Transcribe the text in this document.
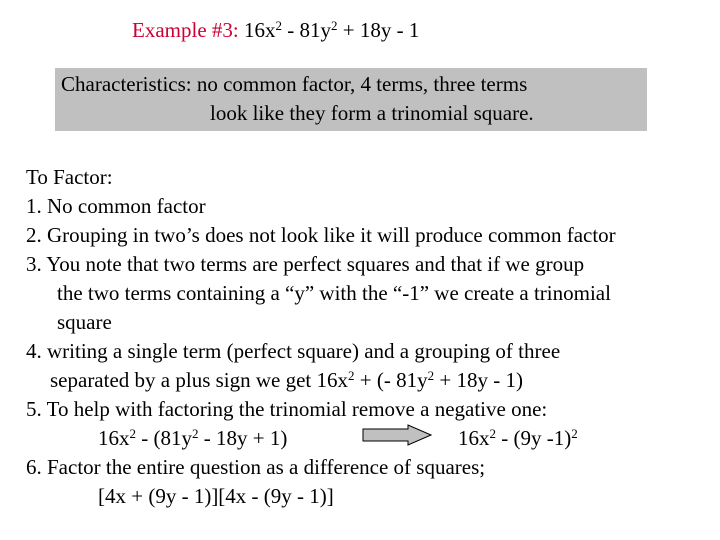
Example #3: $16x^2 - 81y^2 + 18y - 1$
Characteristics: no common factor, 4 terms, three terms
look like they form a trinomial square.
To Factor:
1. No common factor
2. Grouping in two’s does not look like it will produce common factor
3. You note that two terms are perfect squares and that if we group
the two terms containing a “y” with the “-1” we create a trinomial
square
4. writing a single term (perfect square) and a grouping of three
separated by a plus sign we get $16x^2$ + (- $81y^2 + 18y - 1$)
5. To help with factoring the trinomial remove a negative one:
$16x^2 - (81y^2 - 18y + 1)$	$16x^2 - (9y$ -1)$^2$
6. Factor the entire question as a difference of squares;
[4x + (9y - 1)][4x - (9y - 1)]
